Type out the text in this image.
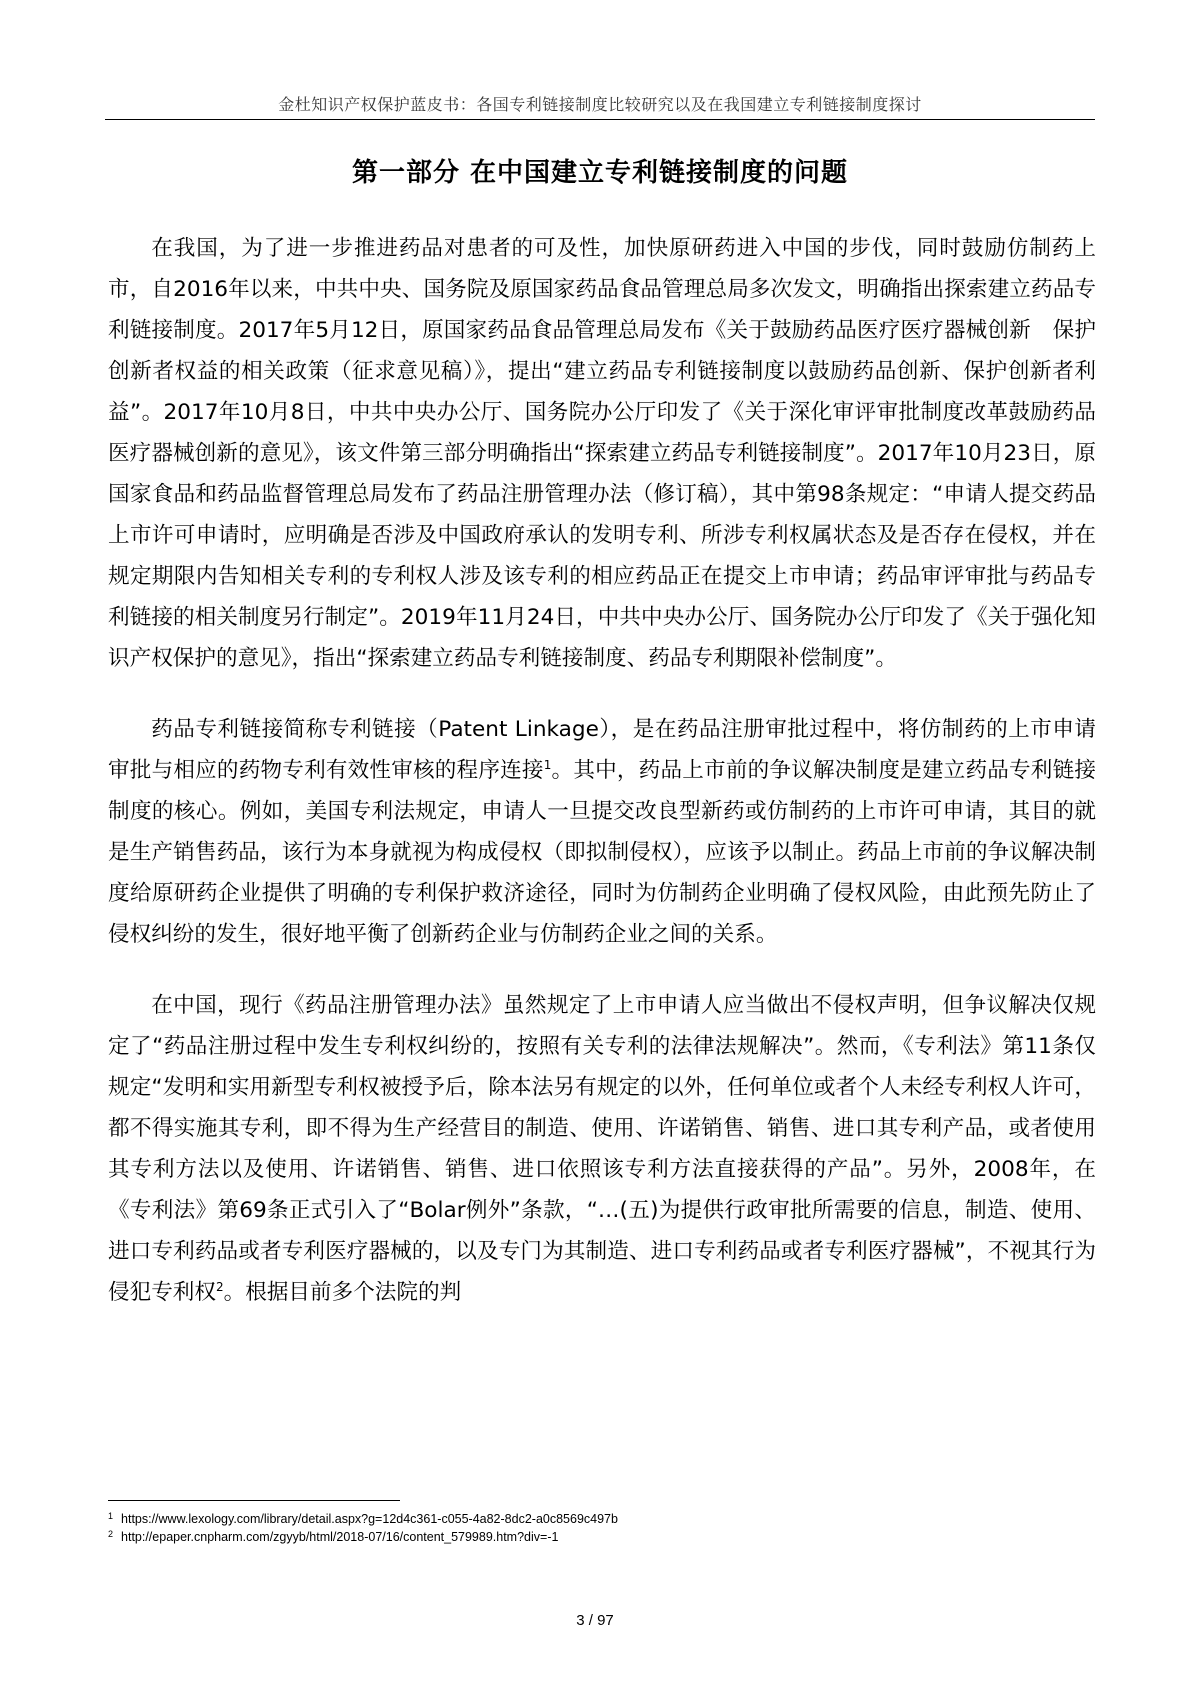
金杜知识产权保护蓝皮书：各国专利链接制度比较研究以及在我国建立专利链接制度探讨
第一部分 在中国建立专利链接制度的问题

在我国，为了进一步推进药品对患者的可及性，加快原研药进入中国的步伐，同时鼓励仿制药上市，自2016年以来，中共中央、国务院及原国家药品食品管理总局多次发文，明确指出探索建立药品专利链接制度。2017年5月12日，原国家药品食品管理总局发布《关于鼓励药品医疗医疗器械创新　保护创新者权益的相关政策（征求意见稿）》，提出“建立药品专利链接制度以鼓励药品创新、保护创新者利益”。2017年10月8日，中共中央办公厅、国务院办公厅印发了《关于深化审评审批制度改革鼓励药品医疗器械创新的意见》，该文件第三部分明确指出“探索建立药品专利链接制度”。2017年10月23日，原国家食品和药品监督管理总局发布了药品注册管理办法（修订稿），其中第98条规定：“申请人提交药品上市许可申请时，应明确是否涉及中国政府承认的发明专利、所涉专利权属状态及是否存在侵权，并在规定期限内告知相关专利的专利权人涉及该专利的相应药品正在提交上市申请；药品审评审批与药品专利链接的相关制度另行制定”。2019年11月24日，中共中央办公厅、国务院办公厅印发了《关于强化知识产权保护的意见》，指出“探索建立药品专利链接制度、药品专利期限补偿制度”。

药品专利链接简称专利链接（Patent Linkage），是在药品注册审批过程中，将仿制药的上市申请审批与相应的药物专利有效性审核的程序连接$^1$。其中，药品上市前的争议解决制度是建立药品专利链接制度的核心。例如，美国专利法规定，申请人一旦提交改良型新药或仿制药的上市许可申请，其目的就是生产销售药品，该行为本身就视为构成侵权（即拟制侵权），应该予以制止。药品上市前的争议解决制度给原研药企业提供了明确的专利保护救济途径，同时为仿制药企业明确了侵权风险，由此预先防止了侵权纠纷的发生，很好地平衡了创新药企业与仿制药企业之间的关系。

在中国，现行《药品注册管理办法》虽然规定了上市申请人应当做出不侵权声明，但争议解决仅规定了“药品注册过程中发生专利权纠纷的，按照有关专利的法律法规解决”。然而，《专利法》第11条仅规定“发明和实用新型专利权被授予后，除本法另有规定的以外，任何单位或者个人未经专利权人许可，都不得实施其专利，即不得为生产经营目的制造、使用、许诺销售、销售、进口其专利产品，或者使用其专利方法以及使用、许诺销售、销售、进口依照该专利方法直接获得的产品”。另外，2008年，在《专利法》第69条正式引入了“Bolar例外”条款，“…(五)为提供行政审批所需要的信息，制造、使用、进口专利药品或者专利医疗器械的，以及专门为其制造、进口专利药品或者专利医疗器械”，不视其行为侵犯专利权$^2$。根据目前多个法院的判

$^1$ https://www.lexology.com/library/detail.aspx?g=12d4c361-c055-4a82-8dc2-a0c8569c497b
$^2$ http://epaper.cnpharm.com/zgyyb/html/2018-07/16/content_579989.htm?div=-1
3 / 97
